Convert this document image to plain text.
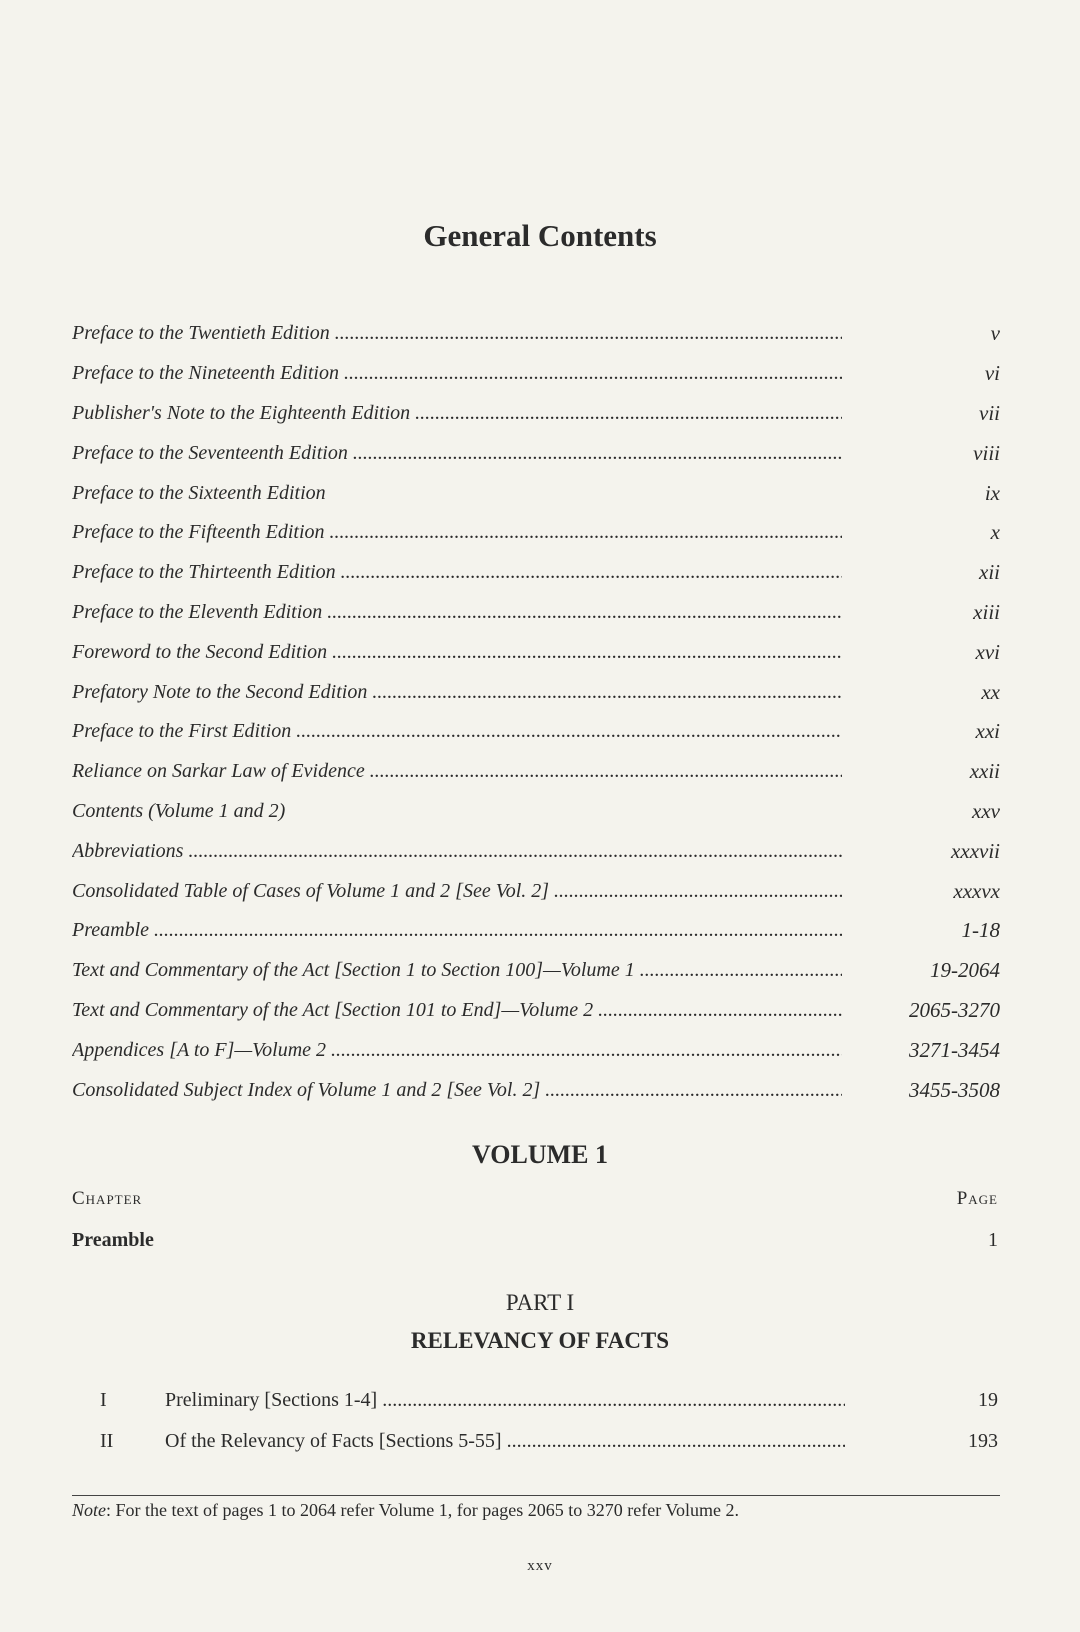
General Contents
Preface to the Twentieth Edition .....	v
Preface to the Nineteenth Edition .....	vi
Publisher's Note to the Eighteenth Edition .....	vii
Preface to the Seventeenth Edition .....	viii
Preface to the Sixteenth Edition	ix
Preface to the Fifteenth Edition .....	x
Preface to the Thirteenth Edition .....	xii
Preface to the Eleventh Edition .....	xiii
Foreword to the Second Edition .....	xvi
Prefatory Note to the Second Edition .....	xx
Preface to the First Edition .....	xxi
Reliance on Sarkar Law of Evidence .....	xxii
Contents (Volume 1 and 2)	xxv
Abbreviations .....	xxxvii
Consolidated Table of Cases of Volume 1 and 2 [See Vol. 2] .....	xxxvx
Preamble .....	1-18
Text and Commentary of the Act [Section 1 to Section 100]—Volume 1 .....	19-2064
Text and Commentary of the Act [Section 101 to End]—Volume 2 .....	2065-3270
Appendices [A to F]—Volume 2 .....	3271-3454
Consolidated Subject Index of Volume 1 and 2 [See Vol. 2] .....	3455-3508
VOLUME 1
Chapter	Page
Preamble	1
PART I
RELEVANCY OF FACTS
I	Preliminary [Sections 1-4] .....	19
II	Of the Relevancy of Facts [Sections 5-55] .....	193
Note: For the text of pages 1 to 2064 refer Volume 1, for pages 2065 to 3270 refer Volume 2.
xxv
